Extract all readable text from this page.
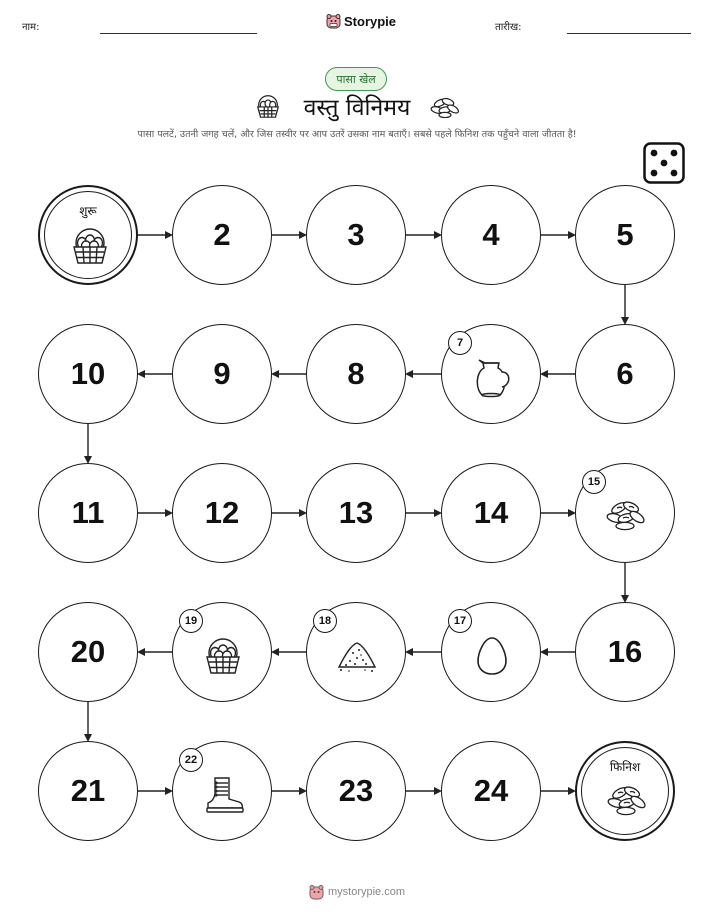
नाम:	Storypie	तारीख:
पासा खेल
वस्तु विनिमय
पासा पलटें, उतनी जगह चलें, और जिस तस्वीर पर आप उतरें उसका नाम बताएँ। सबसे पहले फिनिश तक पहुँचने वाला जीतता है!
शुरू
2	3	4	5
6
7
8
9
10
11	12	13	14
15
16
17
18
19
20
21
22
23	24
फिनिश
mystorypie.com
